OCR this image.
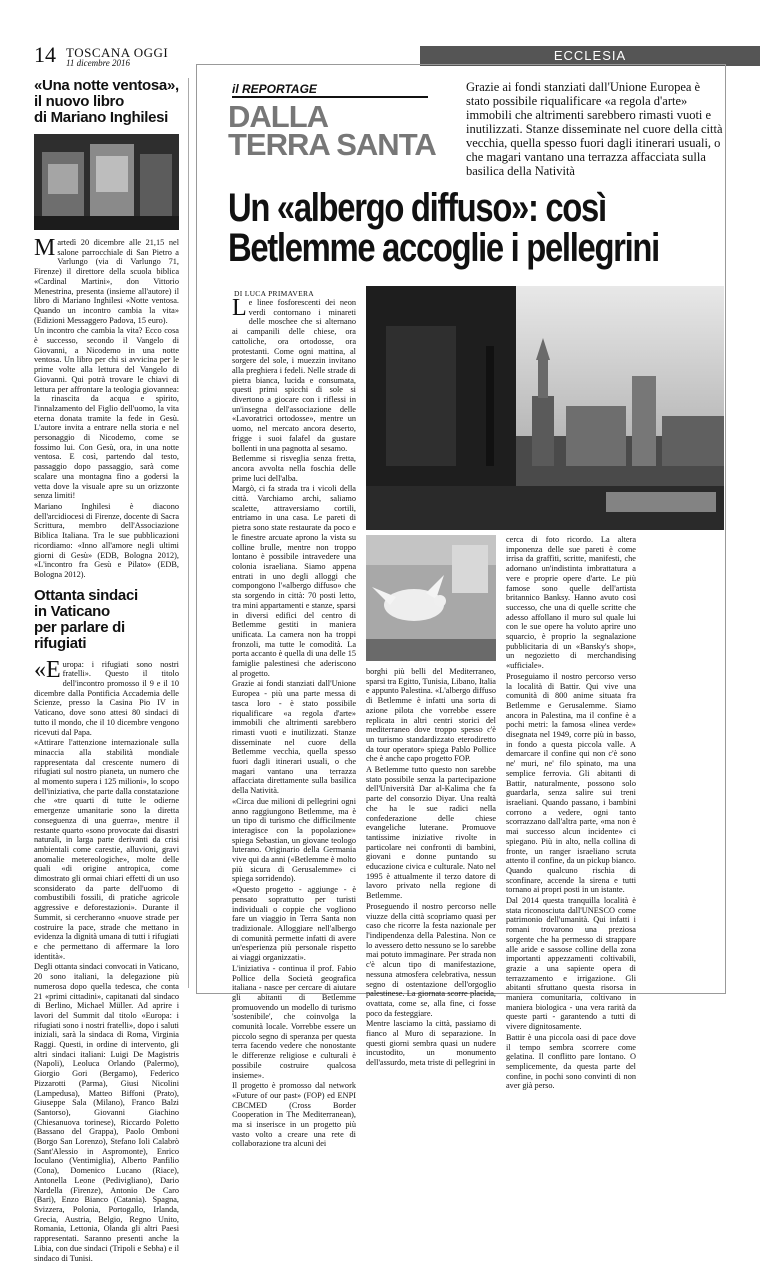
14 TOSCANA OGGI
11 dicembre 2016	ECCLESIA
«Una notte ventosa»,
il nuovo libro
di Mariano Inghilesi

Martedì 20 dicembre alle 21,15 nel salone parrocchiale di San Pietro a Varlungo (via di Varlungo 71, Firenze) il direttore della scuola biblica «Cardinal Martini», don Vittorio Menestrina, presenta (insieme all'autore) il libro di Mariano Inghilesi «Notte ventosa. Quando un incontro cambia la vita» (Edizioni Messaggero Padova, 15 euro).

Un incontro che cambia la vita? Ecco cosa è successo, secondo il Vangelo di Giovanni, a Nicodemo in una notte ventosa. Un libro per chi si avvicina per le prime volte alla lettura del Vangelo di Giovanni. Qui potrà trovare le chiavi di lettura per affrontare la teologia giovannea: la rinascita da acqua e spirito, l'innalzamento del Figlio dell'uomo, la vita eterna donata tramite la fede in Gesù. L'autore invita a entrare nella storia e nel personaggio di Nicodemo, come se fossimo lui. Con Gesù, ora, in una notte ventosa. E così, partendo dal testo, passaggio dopo passaggio, sarà come scalare una montagna fino a godersi la vetta dove la visuale apre su un orizzonte senza limiti!

Mariano Inghilesi è diacono dell'arcidiocesi di Firenze, docente di Sacra Scrittura, membro dell'Associazione Biblica Italiana. Tra le sue pubblicazioni ricordiamo: «Inno all'amore negli ultimi giorni di Gesù» (EDB, Bologna 2012), «L'incontro fra Gesù e Pilato» (EDB, Bologna 2012).

Ottanta sindaci
in Vaticano
per parlare di rifugiati

«Europa: i rifugiati sono nostri fratelli». Questo il titolo dell'incontro promosso il 9 e il 10 dicembre dalla Pontificia Accademia delle Scienze, presso la Casina Pio IV in Vaticano, dove sono attesi 80 sindaci di tutto il mondo, che il 10 dicembre vengono ricevuti dal Papa.

«Attirare l'attenzione internazionale sulla minaccia alla stabilità mondiale rappresentata dal crescente numero di rifugiati sul nostro pianeta, un numero che al momento supera i 125 milioni», lo scopo dell'iniziativa, che parte dalla constatazione che «tre quarti di tutte le odierne emergenze umanitarie sono la diretta conseguenza di una guerra», mentre il restante quarto «sono provocate dai disastri naturali, in larga parte derivanti da crisi ambientali come carestie, alluvioni, gravi anomalie metereologiche», molte delle quali «di origine antropica, come dimostrato gli ormai chiari effetti di un uso sconsiderato da parte dell'uomo di combustibili fossili, di pratiche agricole aggressive e deforestazioni». Durante il Summit, si cercheranno «nuove strade per costruire la pace, strade che mettano in evidenza la dignità umana di tutti i rifugiati e che permettano di affermare la loro identità».

Degli ottanta sindaci convocati in Vaticano, 20 sono italiani, la delegazione più numerosa dopo quella tedesca, che conta 21 «primi cittadini», capitanati dal sindaco di Berlino, Michael Müller. Ad aprire i lavori del Summit dal titolo «Europa: i rifugiati sono i nostri fratelli», dopo i saluti iniziali, sarà la sindaca di Roma, Virginia Raggi. Questi, in ordine di intervento, gli altri sindaci italiani: Luigi De Magistris (Napoli), Leoluca Orlando (Palermo), Giorgio Gori (Bergamo), Federico Pizzarotti (Parma), Giusi Nicolini (Lampedusa), Matteo Biffoni (Prato), Giuseppe Sala (Milano), Franco Balzi (Santorso), Giovanni Giachino (Chiesanuova torinese), Riccardo Poletto (Bassano del Grappa), Paolo Omboni (Borgo San Lorenzo), Stefano Ioli Calabrò (Sant'Alessio in Aspromonte), Enrico Ioculano (Ventimiglia), Alberto Panfilio (Cona), Domenico Lucano (Riace), Antonella Leone (Pedivigliano), Dario Nardella (Firenze), Antonio De Caro (Bari), Enzo Bianco (Catania). Spagna, Svizzera, Polonia, Portogallo, Irlanda, Grecia, Austria, Belgio, Regno Unito, Romania, Lettonia, Olanda gli altri Paesi rappresentati. Saranno presenti anche la Libia, con due sindaci (Tripoli e Sebha) e il sindaco di Tunisi.

il REPORTAGE
DALLA
TERRA SANTA
Grazie ai fondi stanziati dall'Unione Europea è stato possibile riqualificare «a regola d'arte» immobili che altrimenti sarebbero rimasti vuoti e inutilizzati. Stanze disseminate nel cuore della città vecchia, quella spesso fuori dagli itinerari usuali, o che magari vantano una terrazza affacciata sulla basilica della Natività
Un «albergo diffuso»: così
Betlemme accoglie i pellegrini
DI LUCA PRIMAVERA

Le linee fosforescenti dei neon verdi contornano i minareti delle moschee che si alternano ai campanili delle chiese, ora cattoliche, ora ortodosse, ora protestanti. Come ogni mattina, al sorgere del sole, i muezzin invitano alla preghiera i fedeli. Nelle strade di pietra bianca, lucida e consumata, questi primi spicchi di sole si divertono a giocare con i riflessi in un'insegna dell'associazione delle «Lavoratrici ortodosse», mentre un uomo, nel mercato ancora deserto, frigge i suoi falafel da gustare bollenti in una pagnotta al sesamo.

Betlemme si risveglia senza fretta, ancora avvolta nella foschia delle prime luci dell'alba.

Margò, ci fa strada tra i vicoli della città. Varchiamo archi, saliamo scalette, attraversiamo cortili, entriamo in una casa. Le pareti di pietra sono state restaurate da poco e le finestre arcuate aprono la vista su colline brulle, mentre non troppo lontano è possibile intravedere una colonia israeliana. Siamo appena entrati in uno degli alloggi che compongono l'«albergo diffuso» che sta sorgendo in città: 70 posti letto, tra mini appartamenti e stanze, sparsi in diversi edifici del centro di Betlemme gestiti in maniera unificata. La camera non ha troppi fronzoli, ma tutte le comodità. La porta accanto è quella di una delle 15 famiglie palestinesi che aderiscono al progetto.

Grazie ai fondi stanziati dall'Unione Europea - più una parte messa di tasca loro - è stato possibile riqualificare «a regola d'arte» immobili che altrimenti sarebbero rimasti vuoti e inutilizzati. Stanze disseminate nel cuore della Betlemme vecchia, quella spesso fuori dagli itinerari usuali, o che magari vantano una terrazza affacciata direttamente sulla basilica della Natività.

«Circa due milioni di pellegrini ogni anno raggiungono Betlemme, ma è un tipo di turismo che difficilmente interagisce con la popolazione» spiega Sebastian, un giovane teologo luterano. Originario della Germania vive qui da anni («Betlemme è molto più sicura di Gerusalemme» ci spiega sorridendo).

«Questo progetto - aggiunge - è pensato soprattutto per turisti individuali o coppie che vogliono fare un viaggio in Terra Santa non tradizionale. Alloggiare nell'albergo di comunità permette infatti di avere un'esperienza più personale rispetto ai viaggi organizzati».

L'iniziativa - continua il prof. Fabio Pollice della Società geografica italiana - nasce per cercare di aiutare gli abitanti di Betlemme promuovendo un modello di turismo 'sostenibile', che coinvolga la comunità locale. Vorrebbe essere un piccolo segno di speranza per questa terra facendo vedere che nonostante le differenze religiose e culturali è possibile costruire qualcosa insieme».

Il progetto è promosso dal network «Future of our past» (FOP) ed ENPI CBCMED (Cross Border Cooperation in The Mediterranean), ma si inserisce in un progetto più vasto volto a creare una rete di collaborazione tra alcuni dei

borghi più belli del Mediterraneo, sparsi tra Egitto, Tunisia, Libano, Italia e appunto Palestina. «L'albergo diffuso di Betlemme è infatti una sorta di azione pilota che vorrebbe essere replicata in altri centri storici del mediterraneo dove troppo spesso c'è un turismo standardizzato eterodiretto da tour operator» spiega Pablo Pollice che è anche capo progetto FOP.

A Betlemme tutto questo non sarebbe stato possibile senza la partecipazione dell'Università Dar al-Kalima che fa parte del consorzio Diyar. Una realtà che ha le sue radici nella confederazione delle chiese evangeliche luterane. Promuove tantissime iniziative rivolte in particolare nei confronti di bambini, giovani e donne puntando su educazione civica e culturale. Nato nel 1995 è attualmente il terzo datore di lavoro privato nella regione di Betlemme.

Proseguendo il nostro percorso nelle viuzze della città scopriamo quasi per caso che ricorre la festa nazionale per l'indipendenza della Palestina. Non ce lo avessero detto nessuno se lo sarebbe mai potuto immaginare. Per strada non c'è alcun tipo di manifestazione, nessuna atmosfera celebrativa, nessun segno di ostentazione dell'orgoglio palestinese. La giornata scorre placida, ovattata, come se, alla fine, ci fosse poco da festeggiare.

Mentre lasciamo la città, passiamo di fianco al Muro di separazione. In questi giorni sembra quasi un nudere incustodito, un monumento dell'assurdo, meta triste di pellegrini in

cerca di foto ricordo. La altera imponenza delle sue pareti è come irrisa da graffiti, scritte, manifesti, che adornano un'indistinta imbrattatura a vere e proprie opere d'arte. Le più famose sono quelle dell'artista britannico Banksy. Hanno avuto così successo, che una di quelle scritte che adesso affollano il muro sul quale lui con le sue opere ha voluto aprire uno squarcio, è proprio la segnalazione pubblicitaria di un «Bansky's shop», un negozietto di merchandising «ufficiale».

Proseguiamo il nostro percorso verso la località di Battir. Qui vive una comunità di 800 anime situata fra Betlemme e Gerusalemme. Siamo ancora in Palestina, ma il confine è a pochi metri: la famosa «linea verde» disegnata nel 1949, corre più in basso, in fondo a questa piccola valle. A demarcare il confine qui non c'è sono ne' muri, ne' filo spinato, ma una semplice ferrovia. Gli abitanti di Battir, naturalmente, possono solo guardarla, senza salire sui treni israeliani. Quando passano, i bambini corrono a vedere, ogni tanto scorrazzano dall'altra parte, «ma non è mai successo alcun incidente» ci spiegano. Più in alto, nella collina di fronte, un ranger israeliano scruta attento il confine, da un pickup bianco. Quando qualcuno rischia di sconfinare, accende la sirena e tutti tornano ai propri posti in un istante.

Dal 2014 questa tranquilla località è stata riconosciuta dall'UNESCO come patrimonio dell'umanità. Qui infatti i romani trovarono una preziosa sorgente che ha permesso di strappare alle aride e sassose colline della zona importanti appezzamenti coltivabili, grazie a una sapiente opera di terrazzamento e irrigazione. Gli abitanti sfruttano questa risorsa in maniera comunitaria, coltivano in maniera biologica - una vera rarità da queste parti - garantendo a tutti di vivere dignitosamente.

Battir è una piccola oasi di pace dove il tempo sembra scorrere come gelatina. Il conflitto pare lontano. O semplicemente, da questa parte del confine, in pochi sono convinti di non aver già perso.
